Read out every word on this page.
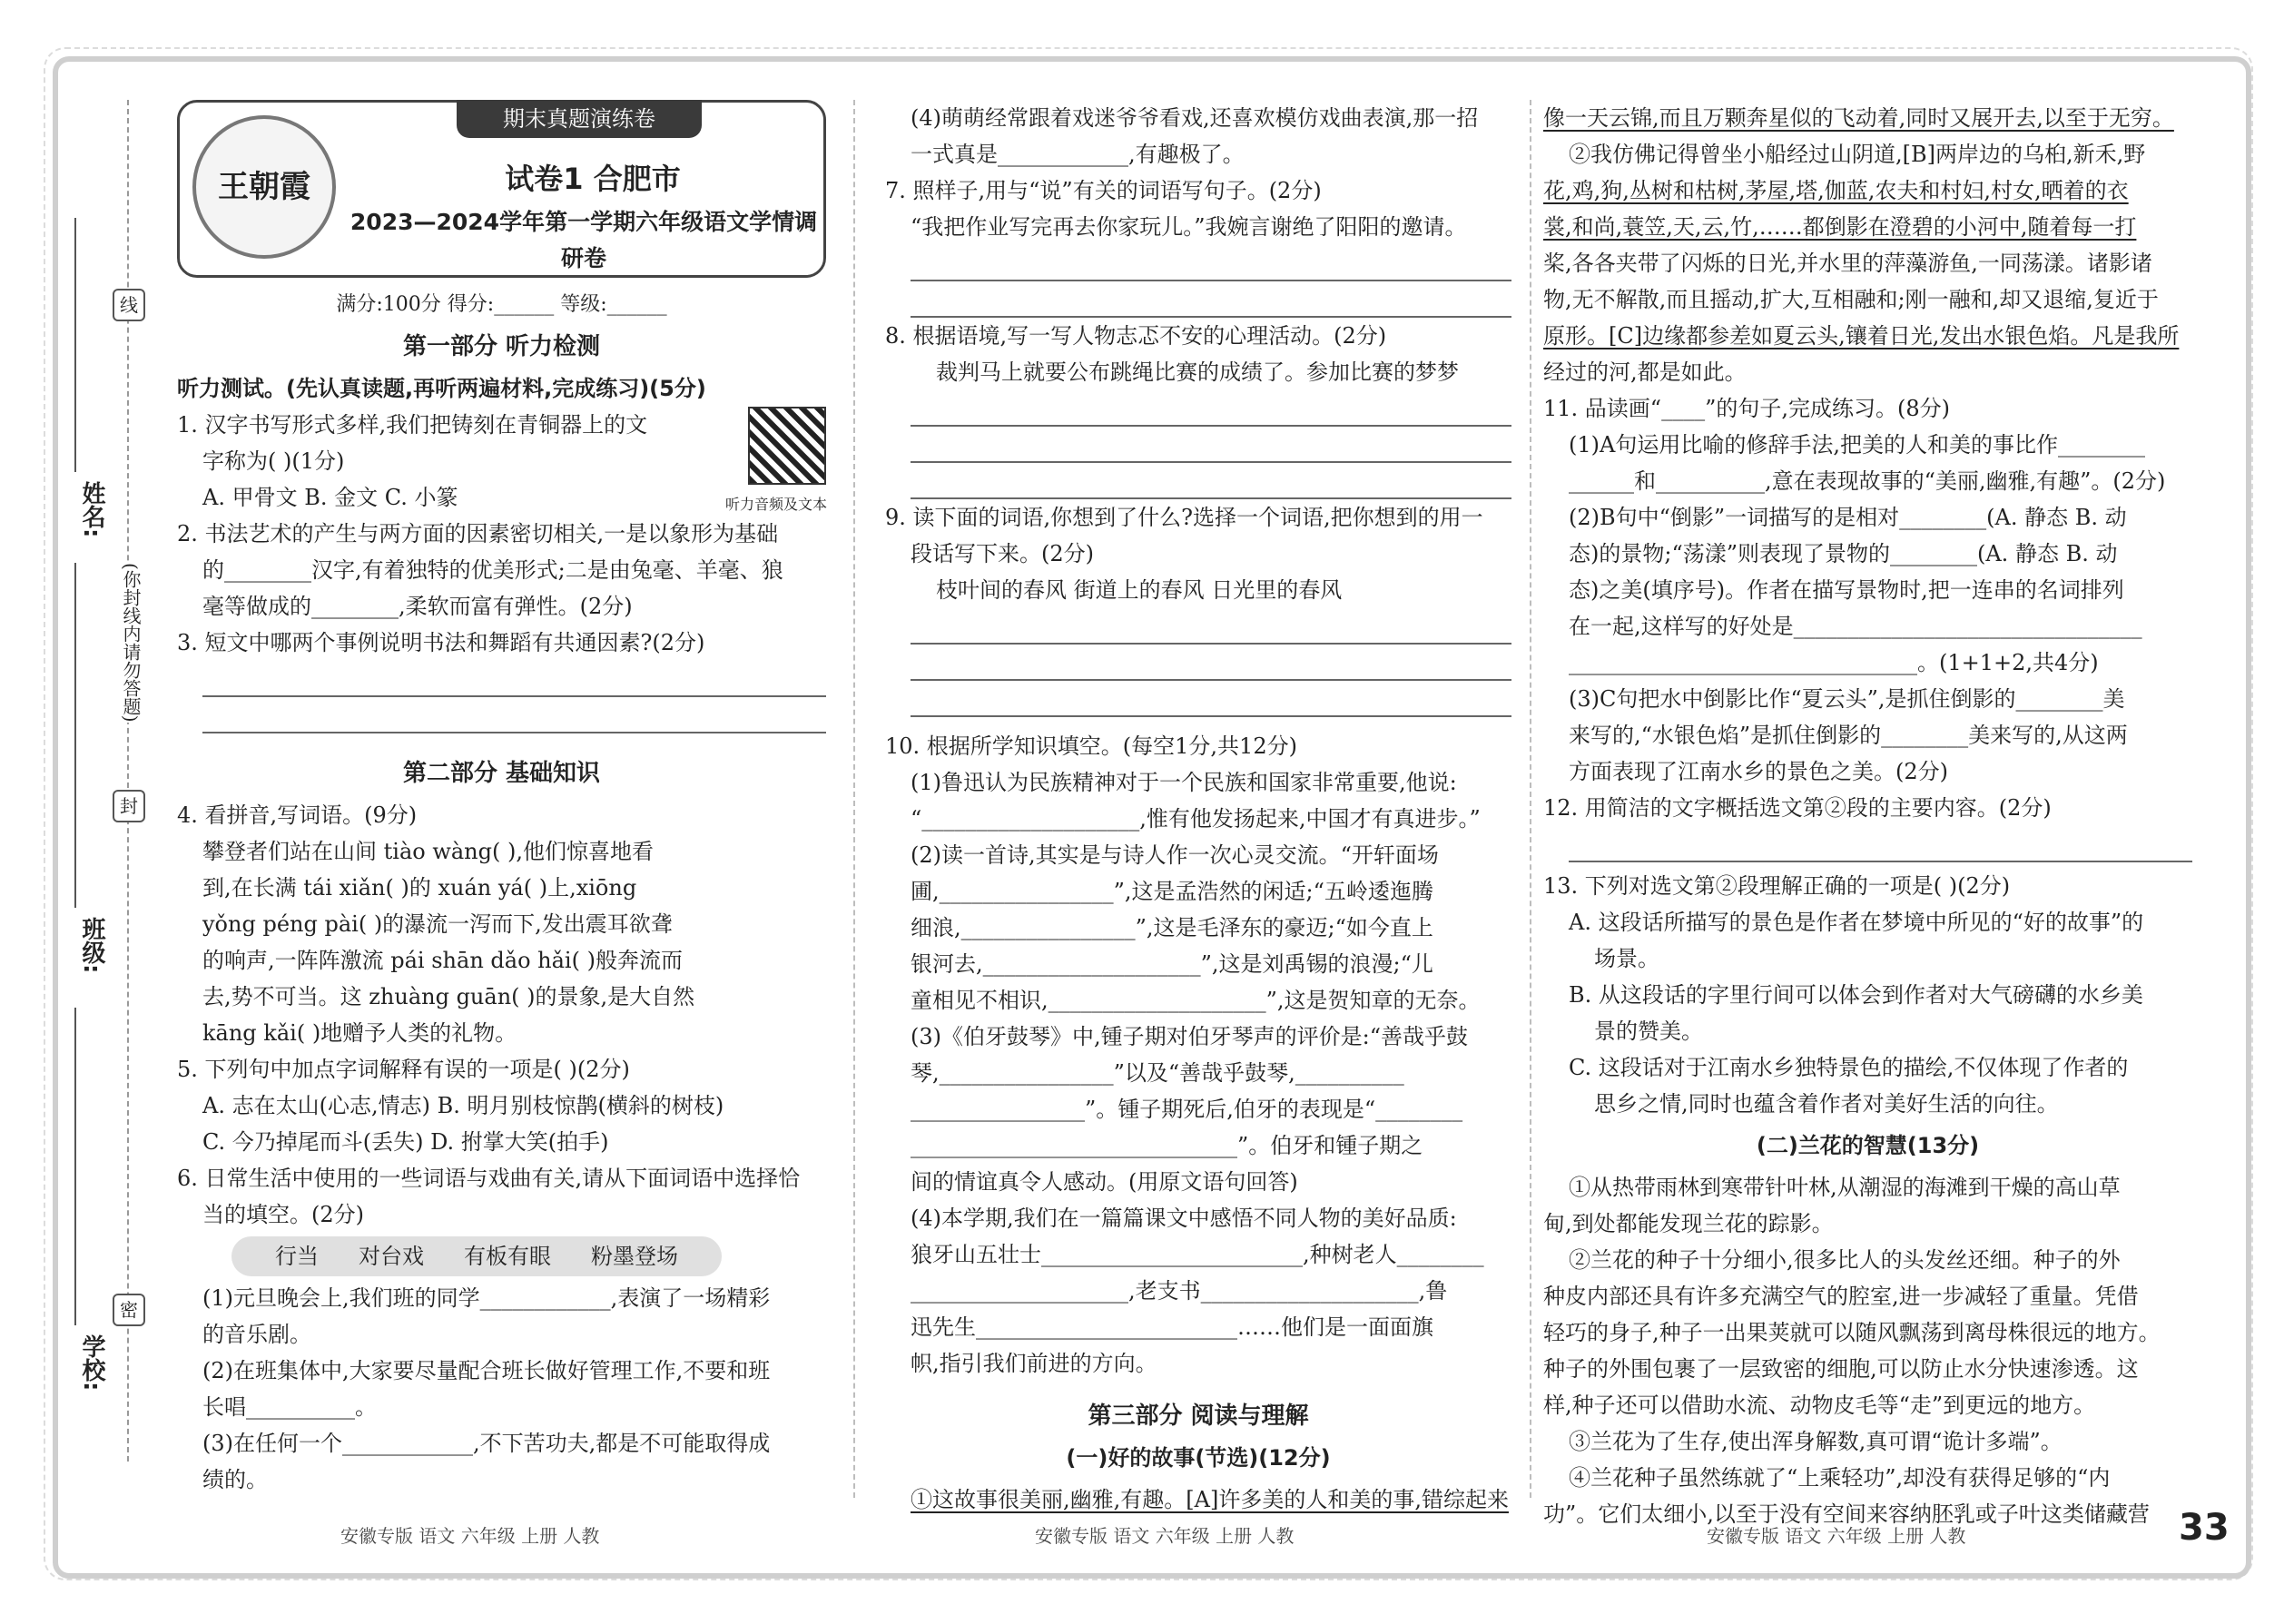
线
封
密
(你封线内请勿答题)
姓名:
班级:
学校:
王朝霞
期末真题演练卷
试卷1 合肥市
2023—2024学年第一学期六年级语文学情调研卷
满分:100分 得分:______ 等级:______
第一部分 听力检测

听力测试。(先认真读题,再听两遍材料,完成练习)(5分)

听力音频及文本

1. 汉字书写形式多样,我们把铸刻在青铜器上的文

字称为( )(1分)

A. 甲骨文 B. 金文 C. 小篆

2. 书法艺术的产生与两方面的因素密切相关,一是以象形为基础

的________汉字,有着独特的优美形式;二是由兔毫、羊毫、狼

毫等做成的________,柔软而富有弹性。(2分)

3. 短文中哪两个事例说明书法和舞蹈有共通因素?(2分)

第二部分 基础知识

4. 看拼音,写词语。(9分)

攀登者们站在山间 tiào wàng( ),他们惊喜地看

到,在长满 tái xiǎn( )的 xuán yá( )上,xiōng

yǒng péng pài( )的瀑流一泻而下,发出震耳欲聋

的响声,一阵阵激流 pái shān dǎo hǎi( )般奔流而

去,势不可当。这 zhuàng guān( )的景象,是大自然

kāng kǎi( )地赠予人类的礼物。

5. 下列句中加点字词解释有误的一项是( )(2分)

A. 志在太山(心志,情志) B. 明月别枝惊鹊(横斜的树枝)

C. 今乃掉尾而斗(丢失) D. 拊掌大笑(拍手)

6. 日常生活中使用的一些词语与戏曲有关,请从下面词语中选择恰

当的填空。(2分)

行当 对台戏 有板有眼 粉墨登场

(1)元旦晚会上,我们班的同学____________,表演了一场精彩

的音乐剧。

(2)在班集体中,大家要尽量配合班长做好管理工作,不要和班

长唱__________。

(3)在任何一个____________,不下苦功夫,都是不可能取得成

绩的。

(4)萌萌经常跟着戏迷爷爷看戏,还喜欢模仿戏曲表演,那一招

一式真是____________,有趣极了。

7. 照样子,用与“说”有关的词语写句子。(2分)

“我把作业写完再去你家玩儿。”我婉言谢绝了阳阳的邀请。

8. 根据语境,写一写人物志忑不安的心理活动。(2分)

裁判马上就要公布跳绳比赛的成绩了。参加比赛的梦梦

9. 读下面的词语,你想到了什么?选择一个词语,把你想到的用一

段话写下来。(2分)

枝叶间的春风 街道上的春风 日光里的春风

10. 根据所学知识填空。(每空1分,共12分)

(1)鲁迅认为民族精神对于一个民族和国家非常重要,他说:

“____________________,惟有他发扬起来,中国才有真进步。”

(2)读一首诗,其实是与诗人作一次心灵交流。“开轩面场

圃,________________”,这是孟浩然的闲适;“五岭逶迤腾

细浪,________________”,这是毛泽东的豪迈;“如今直上

银河去,____________________”,这是刘禹锡的浪漫;“儿

童相见不相识,____________________”,这是贺知章的无奈。

(3)《伯牙鼓琴》中,锺子期对伯牙琴声的评价是:“善哉乎鼓

琴,________________”以及“善哉乎鼓琴,__________

________________”。锺子期死后,伯牙的表现是“________

______________________________”。伯牙和锺子期之

间的情谊真令人感动。(用原文语句回答)

(4)本学期,我们在一篇篇课文中感悟不同人物的美好品质:

狼牙山五壮士________________________,种树老人________

____________________,老支书____________________,鲁

迅先生________________________……他们是一面面旗

帜,指引我们前进的方向。

第三部分 阅读与理解
(一)好的故事(节选)(12分)

①这故事很美丽,幽雅,有趣。[A]许多美的人和美的事,错综起来

像一天云锦,而且万颗奔星似的飞动着,同时又展开去,以至于无穷。

②我仿佛记得曾坐小船经过山阴道,[B]两岸边的乌桕,新禾,野

花,鸡,狗,丛树和枯树,茅屋,塔,伽蓝,农夫和村妇,村女,晒着的衣

裳,和尚,蓑笠,天,云,竹,……都倒影在澄碧的小河中,随着每一打

桨,各各夹带了闪烁的日光,并水里的萍藻游鱼,一同荡漾。诸影诸

物,无不解散,而且摇动,扩大,互相融和;刚一融和,却又退缩,复近于

原形。[C]边缘都参差如夏云头,镶着日光,发出水银色焰。凡是我所

经过的河,都是如此。

11. 品读画“____”的句子,完成练习。(8分)

(1)A句运用比喻的修辞手法,把美的人和美的事比作________

______和__________,意在表现故事的“美丽,幽雅,有趣”。(2分)

(2)B句中“倒影”一词描写的是相对________(A. 静态 B. 动

态)的景物;“荡漾”则表现了景物的________(A. 静态 B. 动

态)之美(填序号)。作者在描写景物时,把一连串的名词排列

在一起,这样写的好处是________________________________

________________________________。(1+1+2,共4分)

(3)C句把水中倒影比作“夏云头”,是抓住倒影的________美

来写的,“水银色焰”是抓住倒影的________美来写的,从这两

方面表现了江南水乡的景色之美。(2分)

12. 用简洁的文字概括选文第②段的主要内容。(2分)

13. 下列对选文第②段理解正确的一项是( )(2分)

A. 这段话所描写的景色是作者在梦境中所见的“好的故事”的

场景。

B. 从这段话的字里行间可以体会到作者对大气磅礴的水乡美

景的赞美。

C. 这段话对于江南水乡独特景色的描绘,不仅体现了作者的

思乡之情,同时也蕴含着作者对美好生活的向往。

(二)兰花的智慧(13分)

①从热带雨林到寒带针叶林,从潮湿的海滩到干燥的高山草

甸,到处都能发现兰花的踪影。

②兰花的种子十分细小,很多比人的头发丝还细。种子的外

种皮内部还具有许多充满空气的腔室,进一步减轻了重量。凭借

轻巧的身子,种子一出果荚就可以随风飘荡到离母株很远的地方。

种子的外围包裹了一层致密的细胞,可以防止水分快速渗透。这

样,种子还可以借助水流、动物皮毛等“走”到更远的地方。

③兰花为了生存,使出浑身解数,真可谓“诡计多端”。

④兰花种子虽然练就了“上乘轻功”,却没有获得足够的“内

功”。它们太细小,以至于没有空间来容纳胚乳或子叶这类储藏营

安徽专版 语文 六年级 上册 人教	安徽专版 语文 六年级 上册 人教	安徽专版 语文 六年级 上册 人教	33
